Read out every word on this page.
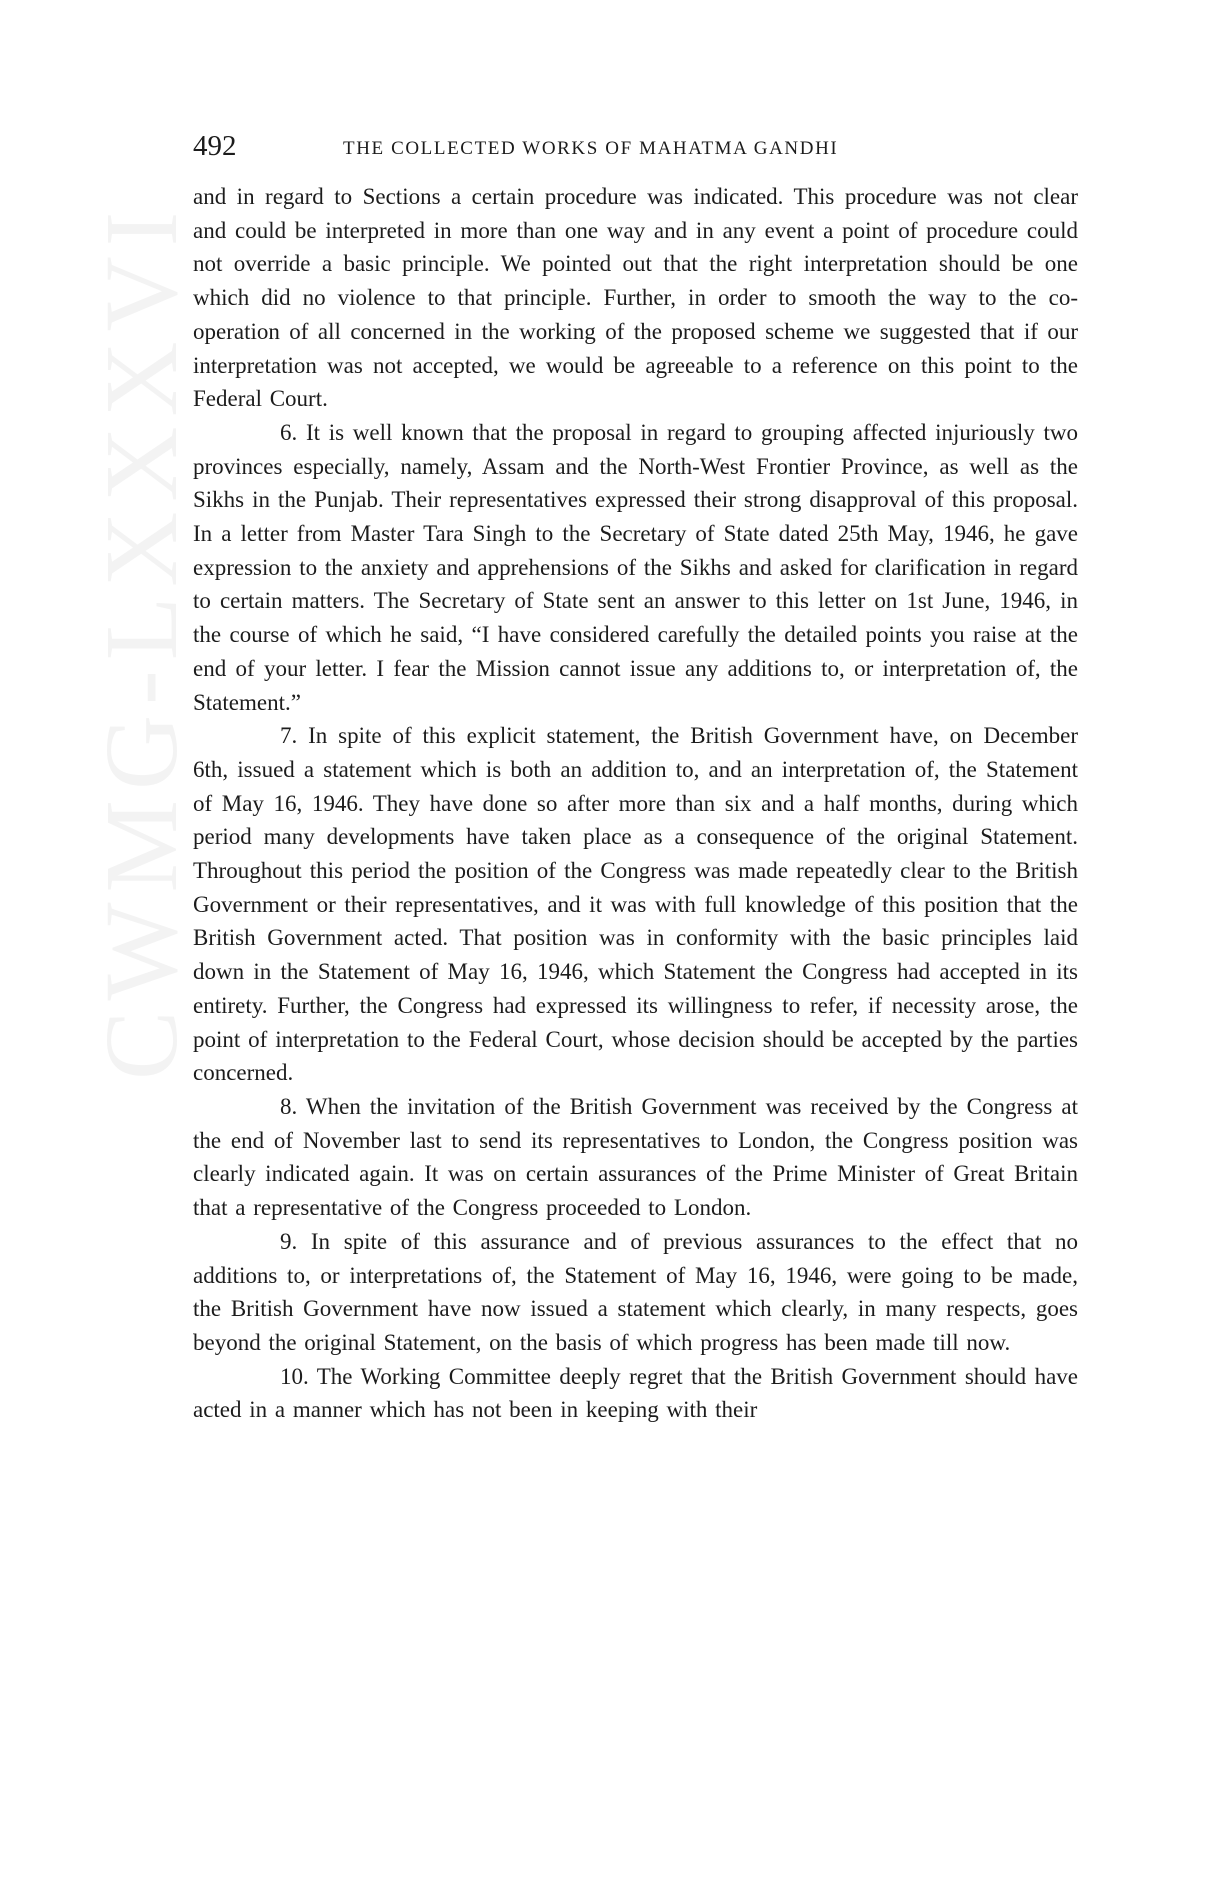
CWMG-LXXXVI
492	THE COLLECTED WORKS OF MAHATMA GANDHI

and in regard to Sections a certain procedure was indicated. This procedure was not clear and could be interpreted in more than one way and in any event a point of procedure could not override a basic principle. We pointed out that the right interpretation should be one which did no violence to that principle. Further, in order to smooth the way to the co-operation of all concerned in the working of the proposed scheme we suggested that if our interpretation was not accepted, we would be agreeable to a reference on this point to the Federal Court.

6. It is well known that the proposal in regard to grouping affected injuriously two provinces especially, namely, Assam and the North-West Frontier Province, as well as the Sikhs in the Punjab. Their representatives expressed their strong disapproval of this proposal. In a letter from Master Tara Singh to the Secretary of State dated 25th May, 1946, he gave expression to the anxiety and apprehensions of the Sikhs and asked for clarification in regard to certain matters. The Secretary of State sent an answer to this letter on 1st June, 1946, in the course of which he said, “I have considered carefully the detailed points you raise at the end of your letter. I fear the Mission cannot issue any additions to, or interpretation of, the Statement.”

7. In spite of this explicit statement, the British Government have, on December 6th, issued a statement which is both an addition to, and an interpretation of, the Statement of May 16, 1946. They have done so after more than six and a half months, during which period many developments have taken place as a consequence of the original Statement. Throughout this period the position of the Congress was made repeatedly clear to the British Government or their representatives, and it was with full knowledge of this position that the British Government acted. That position was in conformity with the basic principles laid down in the Statement of May 16, 1946, which Statement the Congress had accepted in its entirety. Further, the Congress had expressed its willingness to refer, if necessity arose, the point of interpretation to the Federal Court, whose decision should be accepted by the parties concerned.

8. When the invitation of the British Government was received by the Congress at the end of November last to send its representatives to London, the Congress position was clearly indicated again. It was on certain assurances of the Prime Minister of Great Britain that a representative of the Congress proceeded to London.

9. In spite of this assurance and of previous assurances to the effect that no additions to, or interpretations of, the Statement of May 16, 1946, were going to be made, the British Government have now issued a statement which clearly, in many respects, goes beyond the original Statement, on the basis of which progress has been made till now.

10. The Working Committee deeply regret that the British Government should have acted in a manner which has not been in keeping with their
